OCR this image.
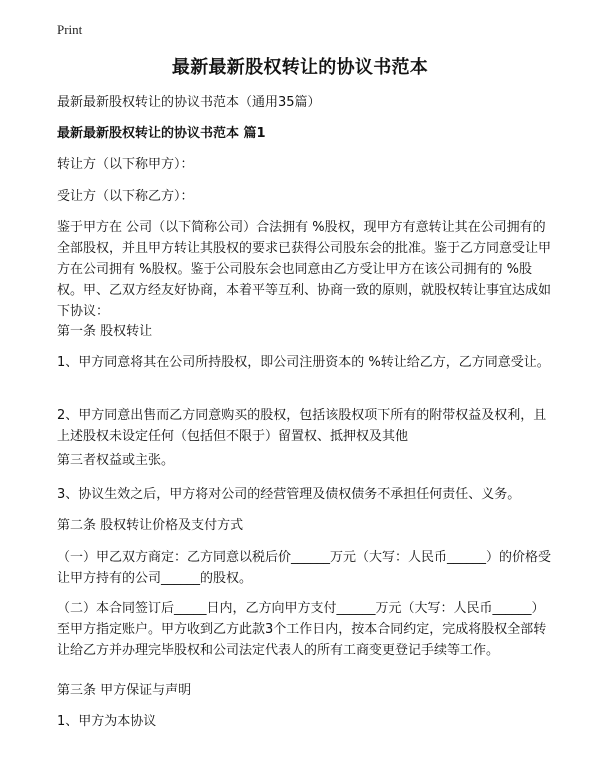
Print
最新最新股权转让的协议书范本

最新最新股权转让的协议书范本（通用35篇）

最新最新股权转让的协议书范本 篇1

转让方（以下称甲方）：

受让方（以下称乙方）：

鉴于甲方在 公司（以下简称公司）合法拥有 %股权，现甲方有意转让其在公司拥有的全部股权，并且甲方转让其股权的要求已获得公司股东会的批准。鉴于乙方同意受让甲方在公司拥有 %股权。鉴于公司股东会也同意由乙方受让甲方在该公司拥有的 %股权。甲、乙双方经友好协商，本着平等互利、协商一致的原则，就股权转让事宜达成如下协议：

第一条 股权转让

1、甲方同意将其在公司所持股权，即公司注册资本的 %转让给乙方，乙方同意受让。

2、甲方同意出售而乙方同意购买的股权，包括该股权项下所有的附带权益及权利，且上述股权未设定任何（包括但不限于）留置权、抵押权及其他

第三者权益或主张。

3、协议生效之后，甲方将对公司的经营管理及债权债务不承担任何责任、义务。

第二条 股权转让价格及支付方式

（一）甲乙双方商定：乙方同意以税后价______万元（大写：人民币______）的价格受让甲方持有的公司______的股权。

（二）本合同签订后_____日内，乙方向甲方支付______万元（大写：人民币______）至甲方指定账户。甲方收到乙方此款3个工作日内，按本合同约定，完成将股权全部转让给乙方并办理完毕股权和公司法定代表人的所有工商变更登记手续等工作。

第三条 甲方保证与声明

1、甲方为本协议
